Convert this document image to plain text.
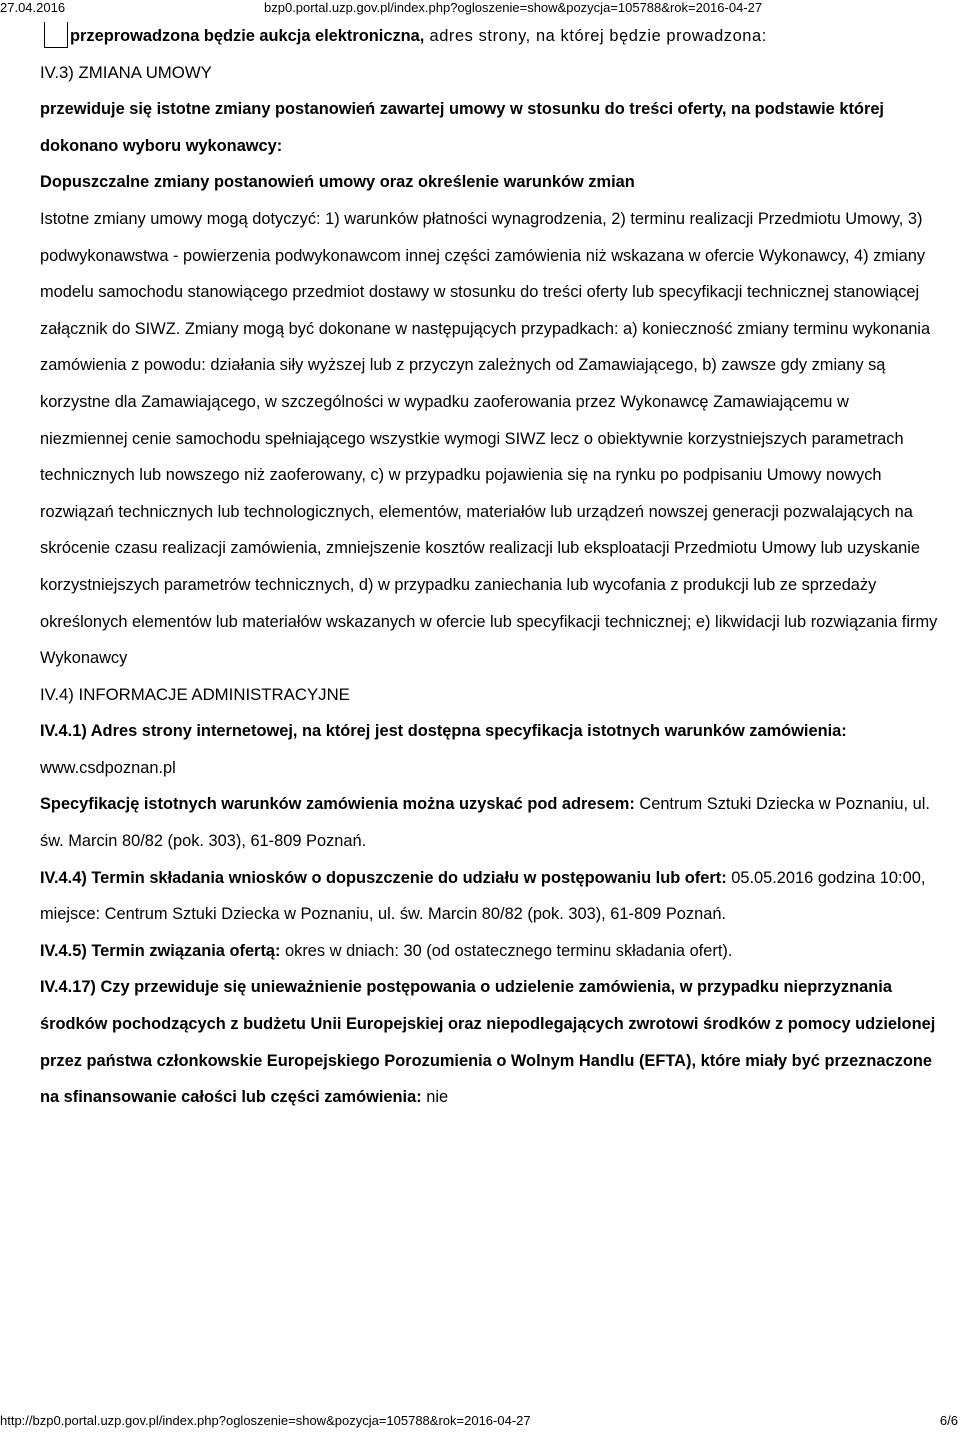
27.04.2016	bzp0.portal.uzp.gov.pl/index.php?ogloszenie=show&pozycja=105788&rok=2016-04-27

przeprowadzona będzie aukcja elektroniczna, adres strony, na której będzie prowadzona:

IV.3) ZMIANA UMOWY

przewiduje się istotne zmiany postanowień zawartej umowy w stosunku do treści oferty, na podstawie której dokonano wyboru wykonawcy:

Dopuszczalne zmiany postanowień umowy oraz określenie warunków zmian

Istotne zmiany umowy mogą dotyczyć: 1) warunków płatności wynagrodzenia, 2) terminu realizacji Przedmiotu Umowy, 3) podwykonawstwa - powierzenia podwykonawcom innej części zamówienia niż wskazana w ofercie Wykonawcy, 4) zmiany modelu samochodu stanowiącego przedmiot dostawy w stosunku do treści oferty lub specyfikacji technicznej stanowiącej załącznik do SIWZ. Zmiany mogą być dokonane w następujących przypadkach: a) konieczność zmiany terminu wykonania zamówienia z powodu: działania siły wyższej lub z przyczyn zależnych od Zamawiającego, b) zawsze gdy zmiany są korzystne dla Zamawiającego, w szczególności w wypadku zaoferowania przez Wykonawcę Zamawiającemu w niezmiennej cenie samochodu spełniającego wszystkie wymogi SIWZ lecz o obiektywnie korzystniejszych parametrach technicznych lub nowszego niż zaoferowany, c) w przypadku pojawienia się na rynku po podpisaniu Umowy nowych rozwiązań technicznych lub technologicznych, elementów, materiałów lub urządzeń nowszej generacji pozwalających na skrócenie czasu realizacji zamówienia, zmniejszenie kosztów realizacji lub eksploatacji Przedmiotu Umowy lub uzyskanie korzystniejszych parametrów technicznych, d) w przypadku zaniechania lub wycofania z produkcji lub ze sprzedaży określonych elementów lub materiałów wskazanych w ofercie lub specyfikacji technicznej; e) likwidacji lub rozwiązania firmy Wykonawcy

IV.4) INFORMACJE ADMINISTRACYJNE

IV.4.1) Adres strony internetowej, na której jest dostępna specyfikacja istotnych warunków zamówienia:

www.csdpoznan.pl

Specyfikację istotnych warunków zamówienia można uzyskać pod adresem: Centrum Sztuki Dziecka w Poznaniu, ul. św. Marcin 80/82 (pok. 303), 61-809 Poznań.

IV.4.4) Termin składania wniosków o dopuszczenie do udziału w postępowaniu lub ofert: 05.05.2016 godzina 10:00, miejsce: Centrum Sztuki Dziecka w Poznaniu, ul. św. Marcin 80/82 (pok. 303), 61-809 Poznań.

IV.4.5) Termin związania ofertą: okres w dniach: 30 (od ostatecznego terminu składania ofert).

IV.4.17) Czy przewiduje się unieważnienie postępowania o udzielenie zamówienia, w przypadku nieprzyznania środków pochodzących z budżetu Unii Europejskiej oraz niepodlegających zwrotowi środków z pomocy udzielonej przez państwa członkowskie Europejskiego Porozumienia o Wolnym Handlu (EFTA), które miały być przeznaczone na sfinansowanie całości lub części zamówienia: nie

http://bzp0.portal.uzp.gov.pl/index.php?ogloszenie=show&pozycja=105788&rok=2016-04-27	6/6
